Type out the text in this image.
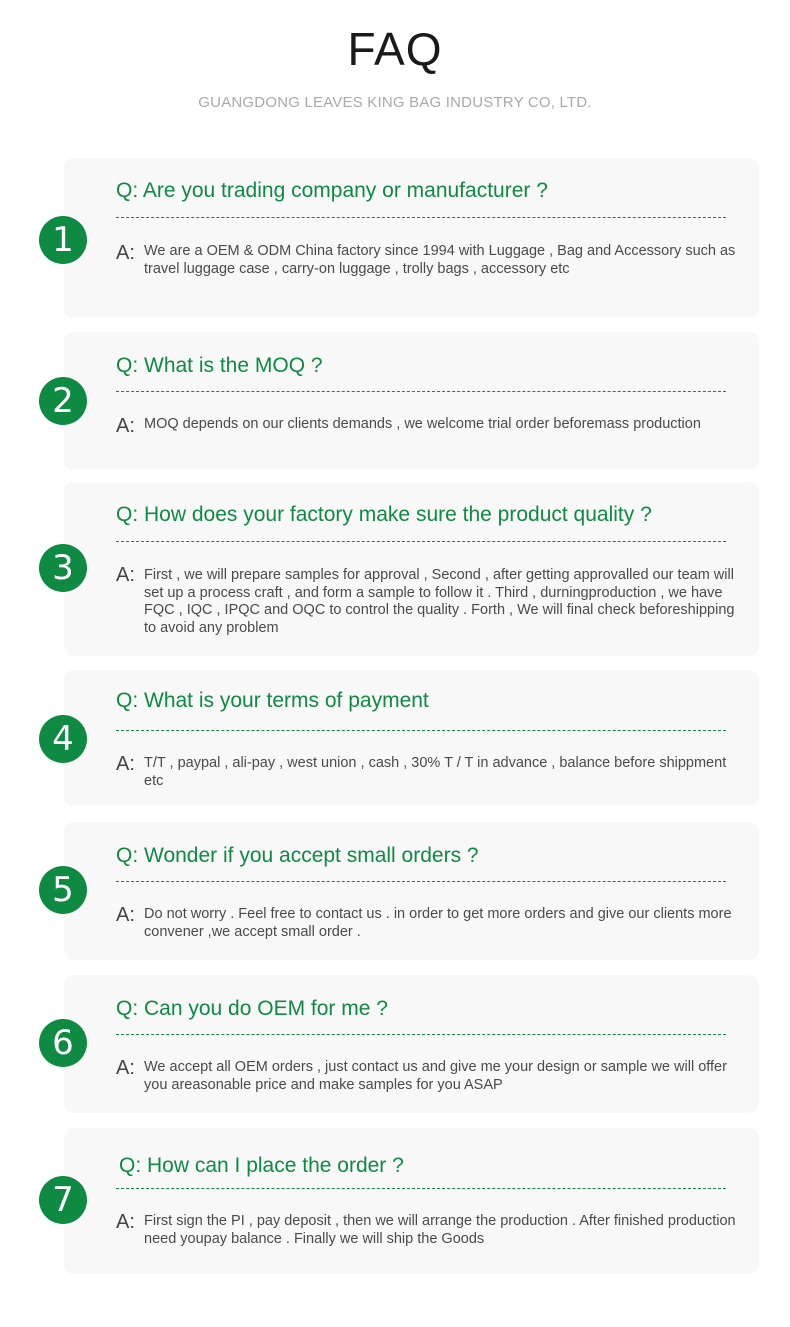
FAQ
GUANGDONG LEAVES KING BAG INDUSTRY CO, LTD.
1
Q: Are you trading company or manufacturer ?
A: We are a OEM & ODM China factory since 1994 with Luggage , Bag and Accessory such as travel luggage case , carry-on luggage , trolly bags , accessory etc
2
Q: What is the MOQ ?
A: MOQ depends on our clients demands , we welcome trial order beforemass production
3
Q: How does your factory make sure the product quality ?
A: First , we will prepare samples for approval , Second , after getting approvalled our team will set up a process craft , and form a sample to follow it . Third , durningproduction , we have FQC , IQC , IPQC and OQC to control the quality . Forth , We will final check beforeshipping to avoid any problem
4
Q: What is your terms of payment
A: T/T , paypal , ali-pay , west union , cash , 30% T / T in advance , balance before shippment etc
5
Q: Wonder if you accept small orders ?
A: Do not worry . Feel free to contact us . in order to get more orders and give our clients more convener ,we accept small order .
6
Q: Can you do OEM for me ?
A: We accept all OEM orders , just contact us and give me your design or sample we will offer you areasonable price and make samples for you ASAP
7
Q: How can I place the order ?
A: First sign the PI , pay deposit , then we will arrange the production . After finished production need youpay balance . Finally we will ship the Goods
